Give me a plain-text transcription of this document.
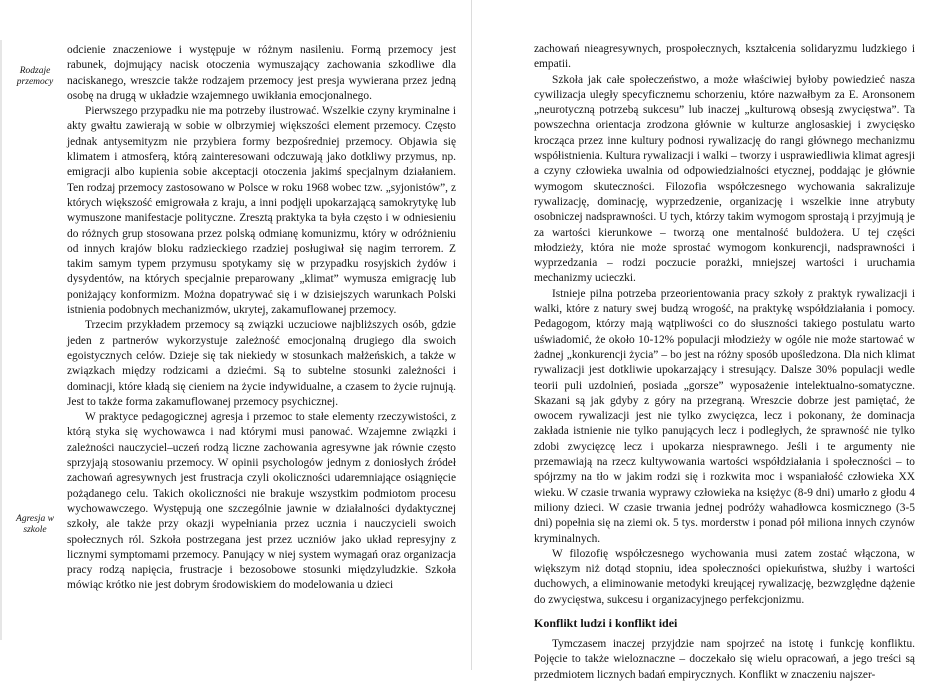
Rodzaje przemocy
Agresja w szkole

odcienie znaczeniowe i występuje w różnym nasileniu. Formą przemocy jest rabunek, dojmujący nacisk otoczenia wymuszający zachowania szkodliwe dla naciskanego, wreszcie także rodzajem przemocy jest presja wywierana przez jedną osobę na drugą w układzie wzajemnego uwikłania emocjonalnego.

Pierwszego przypadku nie ma potrzeby ilustrować. Wszelkie czyny kryminalne i akty gwałtu zawierają w sobie w olbrzymiej większości element przemocy. Często jednak antysemityzm nie przybiera formy bezpośredniej przemocy. Objawia się klimatem i atmosferą, którą zainteresowani odczuwają jako dotkliwy przymus, np. emigracji albo kupienia sobie akceptacji otoczenia jakimś specjalnym działaniem. Ten rodzaj przemocy zastosowano w Polsce w roku 1968 wobec tzw. „syjonistów”, z których większość emigrowała z kraju, a inni podjęli upokarzającą samokrytykę lub wymuszone manifestacje polityczne. Zresztą praktyka ta była często i w odniesieniu do różnych grup stosowana przez polską odmianę komunizmu, który w odróżnieniu od innych krajów bloku radzieckiego rzadziej posługiwał się nagim terrorem. Z takim samym typem przymusu spotykamy się w przypadku rosyjskich żydów i dysydentów, na których specjalnie preparowany „klimat” wymusza emigrację lub poniżający konformizm. Można dopatrywać się i w dzisiejszych warunkach Polski istnienia podobnych mechanizmów, ukrytej, zakamuflowanej przemocy.

Trzecim przykładem przemocy są związki uczuciowe najbliższych osób, gdzie jeden z partnerów wykorzystuje zależność emocjonalną drugiego dla swoich egoistycznych celów. Dzieje się tak niekiedy w stosunkach małżeńskich, a także w związkach między rodzicami a dziećmi. Są to subtelne stosunki zależności i dominacji, które kładą się cieniem na życie indywidualne, a czasem to życie rujnują. Jest to także forma zakamuflowanej przemocy psychicznej.

W praktyce pedagogicznej agresja i przemoc to stałe elementy rzeczywistości, z którą styka się wychowawca i nad którymi musi panować. Wzajemne związki i zależności nauczyciel–uczeń rodzą liczne zachowania agresywne jak równie często sprzyjają stosowaniu przemocy. W opinii psychologów jednym z doniosłych źródeł zachowań agresywnych jest frustracja czyli okoliczności udaremniające osiągnięcie pożądanego celu. Takich okoliczności nie brakuje wszystkim podmiotom procesu wychowawczego. Występują one szczególnie jawnie w działalności dydaktycznej szkoły, ale także przy okazji wypełniania przez ucznia i nauczycieli swoich społecznych ról. Szkoła postrzegana jest przez uczniów jako układ represyjny z licznymi symptomami przemocy. Panujący w niej system wymagań oraz organizacja pracy rodzą napięcia, frustracje i bezosobowe stosunki międzyludzkie. Szkoła mówiąc krótko nie jest dobrym środowiskiem do modelowania u dzieci

zachowań nieagresywnych, prospołecznych, kształcenia solidaryzmu ludzkiego i empatii.

Szkoła jak całe społeczeństwo, a może właściwiej byłoby powiedzieć nasza cywilizacja uległy specyficznemu schorzeniu, które nazwałbym za E. Aronsonem „neurotyczną potrzebą sukcesu” lub inaczej „kulturową obsesją zwycięstwa”. Ta powszechna orientacja zrodzona głównie w kulturze anglosaskiej i zwycięsko krocząca przez inne kultury podnosi rywalizację do rangi głównego mechanizmu współistnienia. Kultura rywalizacji i walki – tworzy i usprawiedliwia klimat agresji a czyny człowieka uwalnia od odpowiedzialności etycznej, poddając je głównie wymogom skuteczności. Filozofia współczesnego wychowania sakralizuje rywalizację, dominację, wyprzedzenie, organizację i wszelkie inne atrybuty osobniczej nadsprawności. U tych, którzy takim wymogom sprostają i przyjmują je za wartości kierunkowe – tworzą one mentalność buldożera. U tej części młodzieży, która nie może sprostać wymogom konkurencji, nadsprawności i wyprzedzania – rodzi poczucie porażki, mniejszej wartości i uruchamia mechanizmy ucieczki.

Istnieje pilna potrzeba przeorientowania pracy szkoły z praktyk rywalizacji i walki, które z natury swej budzą wrogość, na praktykę współdziałania i pomocy. Pedagogom, którzy mają wątpliwości co do słuszności takiego postulatu warto uświadomić, że około 10-12% populacji młodzieży w ogóle nie może startować w żadnej „konkurencji życia” – bo jest na różny sposób upośledzona. Dla nich klimat rywalizacji jest dotkliwie upokarzający i stresujący. Dalsze 30% populacji wedle teorii puli uzdolnień, posiada „gorsze” wyposażenie intelektualno-somatyczne. Skazani są jak gdyby z góry na przegraną. Wreszcie dobrze jest pamiętać, że owocem rywalizacji jest nie tylko zwycięzca, lecz i pokonany, że dominacja zakłada istnienie nie tylko panujących lecz i podległych, że sprawność nie tylko zdobi zwycięzcę lecz i upokarza niesprawnego. Jeśli i te argumenty nie przemawiają na rzecz kultywowania wartości współdziałania i społeczności – to spójrzmy na tło w jakim rodzi się i rozkwita moc i wspaniałość człowieka XX wieku. W czasie trwania wyprawy człowieka na księżyc (8-9 dni) umarło z głodu 4 miliony dzieci. W czasie trwania jednej podróży wahadłowca kosmicznego (3-5 dni) popełnia się na ziemi ok. 5 tys. morderstw i ponad pół miliona innych czynów kryminalnych.

W filozofię współczesnego wychowania musi zatem zostać włączona, w większym niż dotąd stopniu, idea społeczności opiekuństwa, służby i wartości duchowych, a eliminowanie metodyki kreującej rywalizację, bezwzględne dążenie do zwycięstwa, sukcesu i organizacyjnego perfekcjonizmu.

Konflikt ludzi i konflikt idei

Tymczasem inaczej przyjdzie nam spojrzeć na istotę i funkcję konfliktu. Pojęcie to także wieloznaczne – doczekało się wielu opracowań, a jego treści są przedmiotem licznych badań empirycznych. Konflikt w znaczeniu najszer-
